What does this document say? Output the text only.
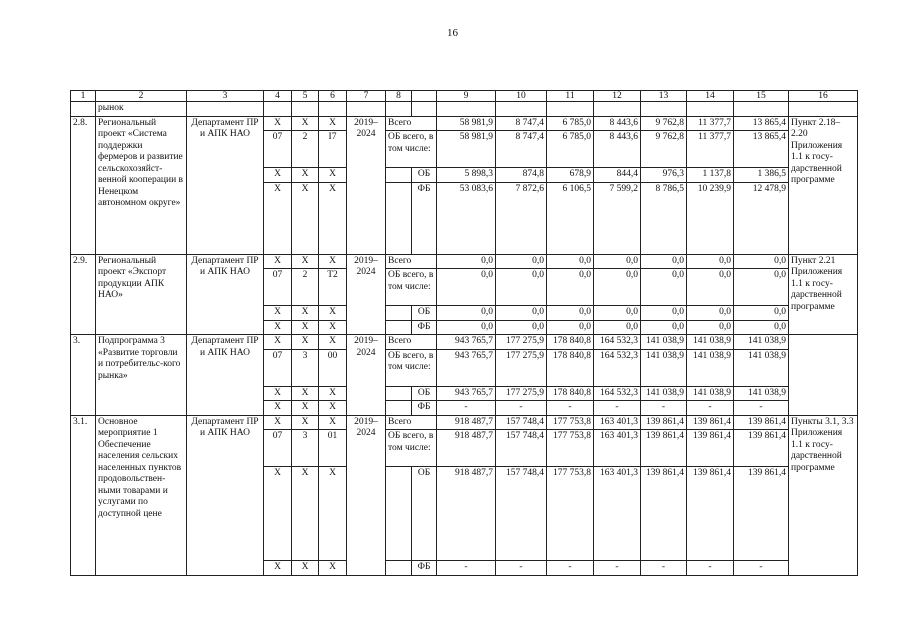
16
1	2	3	4	5	6	7	8		9	10	11	12	13	14	15	16
	рынок															
2.8.	Региональный проект «Система поддержки фермеров и развитие сельскохозяйст-венной кооперации в Ненецком автономном округе»	Департамент ПР и АПК НАО	Х	Х	Х	2019–2024	Всего		58 981,9	8 747,4	6 785,0	8 443,6	9 762,8	11 377,7	13 865,4	Пункт 2.18–2.20 Приложения 1.1 к госу-дарственной программе
			07	2	I7		ОБ всего, в том числе:		58 981,9	8 747,4	6 785,0	8 443,6	9 762,8	11 377,7	13 865,4	
			Х	Х	Х			ОБ	5 898,3	874,8	678,9	844,4	976,3	1 137,8	1 386,5	
			Х	Х	Х			ФБ	53 083,6	7 872,6	6 106,5	7 599,2	8 786,5	10 239,9	12 478,9	
2.9.	Региональный проект «Экспорт продукции АПК НАО»	Департамент ПР и АПК НАО	Х	Х	Х	2019–2024	Всего		0,0	0,0	0,0	0,0	0,0	0,0	0,0	Пункт 2.21 Приложения 1.1 к госу-дарственной программе
			07	2	T2		ОБ всего, в том числе:		0,0	0,0	0,0	0,0	0,0	0,0	0,0	
			Х	Х	Х			ОБ	0,0	0,0	0,0	0,0	0,0	0,0	0,0	
			Х	Х	Х			ФБ	0,0	0,0	0,0	0,0	0,0	0,0	0,0	
3.	Подпрограмма 3 «Развитие торговли и потребительс-кого рынка»	Департамент ПР и АПК НАО	Х	Х	Х	2019–2024	Всего		943 765,7	177 275,9	178 840,8	164 532,3	141 038,9	141 038,9	141 038,9	
			07	3	00		ОБ всего, в том числе:		943 765,7	177 275,9	178 840,8	164 532,3	141 038,9	141 038,9	141 038,9	
			Х	Х	Х			ОБ	943 765,7	177 275,9	178 840,8	164 532,3	141 038,9	141 038,9	141 038,9	
			Х	Х	Х			ФБ	-	-	-	-	-	-	-	
3.1.	Основное мероприятие 1 Обеспечение населения сельских населенных пунктов продовольствен-ными товарами и услугами по доступной цене	Департамент ПР и АПК НАО	Х	Х	Х	2019–2024	Всего		918 487,7	157 748,4	177 753,8	163 401,3	139 861,4	139 861,4	139 861,4	Пункты 3.1, 3.3 Приложения 1.1 к госу-дарственной программе
			07	3	01		ОБ всего, в том числе:		918 487,7	157 748,4	177 753,8	163 401,3	139 861,4	139 861,4	139 861,4	
			Х	Х	Х			ОБ	918 487,7	157 748,4	177 753,8	163 401,3	139 861,4	139 861,4	139 861,4	
			Х	Х	Х			ФБ	-	-	-	-	-	-	-	
